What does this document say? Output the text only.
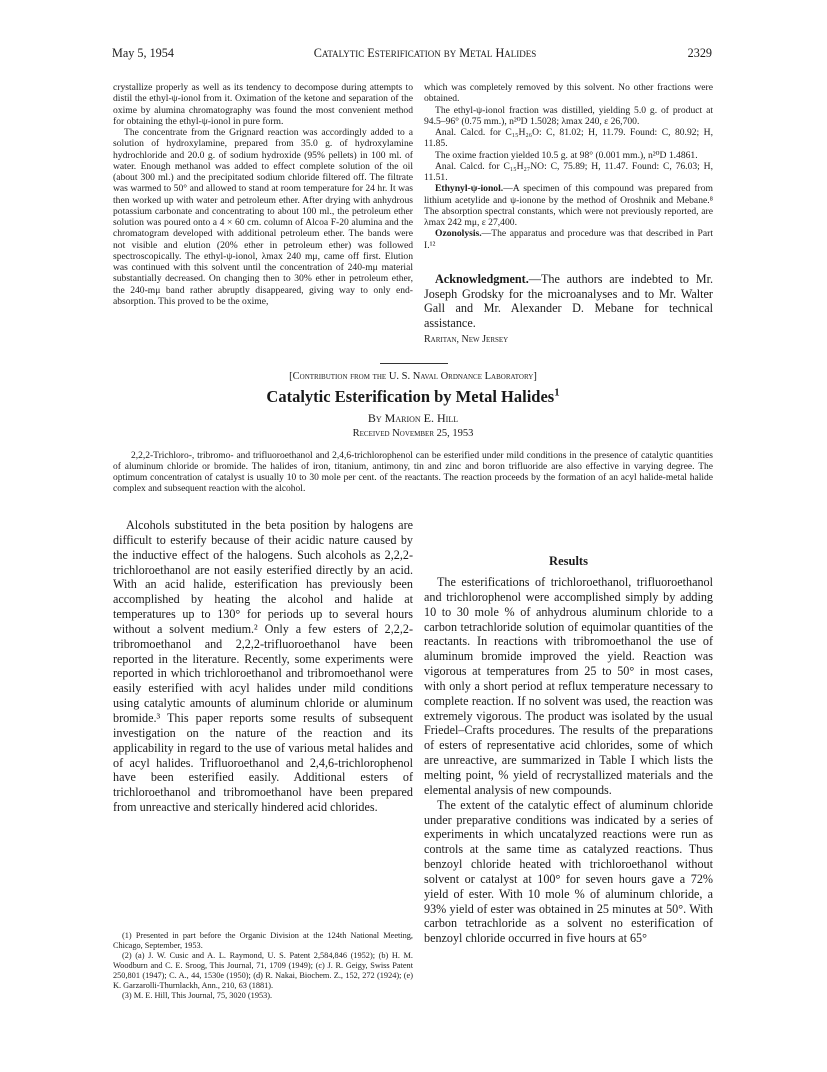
May 5, 1954	Catalytic Esterification by Metal Halides	2329

crystallize properly as well as its tendency to decompose during attempts to distil the ethyl-ψ-ionol from it. Oximation of the ketone and separation of the oxime by alumina chromatography was found the most convenient method for obtaining the ethyl-ψ-ionol in pure form.

The concentrate from the Grignard reaction was accordingly added to a solution of hydroxylamine, prepared from 35.0 g. of hydroxylamine hydrochloride and 20.0 g. of sodium hydroxide (95% pellets) in 100 ml. of water. Enough methanol was added to effect complete solution of the oil (about 300 ml.) and the precipitated sodium chloride filtered off. The filtrate was warmed to 50° and allowed to stand at room temperature for 24 hr. It was then worked up with water and petroleum ether. After drying with anhydrous potassium carbonate and concentrating to about 100 ml., the petroleum ether solution was poured onto a 4 × 60 cm. column of Alcoa F-20 alumina and the chromatogram developed with additional petroleum ether. The bands were not visible and elution (20% ether in petroleum ether) was followed spectroscopically. The ethyl-ψ-ionol, λmax 240 mμ, came off first. Elution was continued with this solvent until the concentration of 240-mμ material substantially decreased. On changing then to 30% ether in petroleum ether, the 240-mμ band rather abruptly disappeared, giving way to only end-absorption. This proved to be the oxime,

which was completely removed by this solvent. No other fractions were obtained.

The ethyl-ψ-ionol fraction was distilled, yielding 5.0 g. of product at 94.5–96° (0.75 mm.), n²⁰D 1.5028; λmax 240, ε 26,700.

Anal. Calcd. for C₁₅H₂₆O: C, 81.02; H, 11.79. Found: C, 80.92; H, 11.85.

The oxime fraction yielded 10.5 g. at 98° (0.001 mm.), n²⁰D 1.4861.

Anal. Calcd. for C₁₅H₂₇NO: C, 75.89; H, 11.47. Found: C, 76.03; H, 11.51.

Ethynyl-ψ-ionol.—A specimen of this compound was prepared from lithium acetylide and ψ-ionone by the method of Oroshnik and Mebane.⁸ The absorption spectral constants, which were not previously reported, are λmax 242 mμ, ε 27,400.

Ozonolysis.—The apparatus and procedure was that described in Part I.¹²

Acknowledgment.—The authors are indebted to Mr. Joseph Grodsky for the microanalyses and to Mr. Walter Gall and Mr. Alexander D. Mebane for technical assistance.
Raritan, New Jersey
[Contribution from the U. S. Naval Ordnance Laboratory]
Catalytic Esterification by Metal Halides$^1$
By Marion E. Hill
Received November 25, 1953
2,2,2-Trichloro-, tribromo- and trifluoroethanol and 2,4,6-trichlorophenol can be esterified under mild conditions in the presence of catalytic quantities of aluminum chloride or bromide. The halides of iron, titanium, antimony, tin and zinc and boron trifluoride are also effective in varying degree. The optimum concentration of catalyst is usually 10 to 30 mole per cent. of the reactants. The reaction proceeds by the formation of an acyl halide-metal halide complex and subsequent reaction with the alcohol.

Alcohols substituted in the beta position by halogens are difficult to esterify because of their acidic nature caused by the inductive effect of the halogens. Such alcohols as 2,2,2-trichloroethanol are not easily esterified directly by an acid. With an acid halide, esterification has previously been accomplished by heating the alcohol and halide at temperatures up to 130° for periods up to several hours without a solvent medium.² Only a few esters of 2,2,2-tribromoethanol and 2,2,2-trifluoroethanol have been reported in the literature. Recently, some experiments were reported in which trichloroethanol and tribromoethanol were easily esterified with acyl halides under mild conditions using catalytic amounts of aluminum chloride or aluminum bromide.³ This paper reports some results of subsequent investigation on the nature of the reaction and its applicability in regard to the use of various metal halides and of acyl halides. Trifluoroethanol and 2,4,6-trichlorophenol have been esterified easily. Additional esters of trichloroethanol and tribromoethanol have been prepared from unreactive and sterically hindered acid chlorides.

(1) Presented in part before the Organic Division at the 124th National Meeting, Chicago, September, 1953.

(2) (a) J. W. Cusic and A. L. Raymond, U. S. Patent 2,584,846 (1952); (b) H. M. Woodburn and C. E. Sroog, This Journal, 71, 1709 (1949); (c) J. R. Geigy, Swiss Patent 250,801 (1947); C. A., 44, 1530e (1950); (d) R. Nakai, Biochem. Z., 152, 272 (1924); (e) K. Garzarolli-Thurnlackh, Ann., 210, 63 (1881).

(3) M. E. Hill, This Journal, 75, 3020 (1953).

Results

The esterifications of trichloroethanol, trifluoroethanol and trichlorophenol were accomplished simply by adding 10 to 30 mole % of anhydrous aluminum chloride to a carbon tetrachloride solution of equimolar quantities of the reactants. In reactions with tribromoethanol the use of aluminum bromide improved the yield. Reaction was vigorous at temperatures from 25 to 50° in most cases, with only a short period at reflux temperature necessary to complete reaction. If no solvent was used, the reaction was extremely vigorous. The product was isolated by the usual Friedel–Crafts procedures. The results of the preparations of esters of representative acid chlorides, some of which are unreactive, are summarized in Table I which lists the melting point, % yield of recrystallized materials and the elemental analysis of new compounds.

The extent of the catalytic effect of aluminum chloride under preparative conditions was indicated by a series of experiments in which uncatalyzed reactions were run as controls at the same time as catalyzed reactions. Thus benzoyl chloride heated with trichloroethanol without solvent or catalyst at 100° for seven hours gave a 72% yield of ester. With 10 mole % of aluminum chloride, a 93% yield of ester was obtained in 25 minutes at 50°. With carbon tetrachloride as a solvent no esterification of benzoyl chloride occurred in five hours at 65°
